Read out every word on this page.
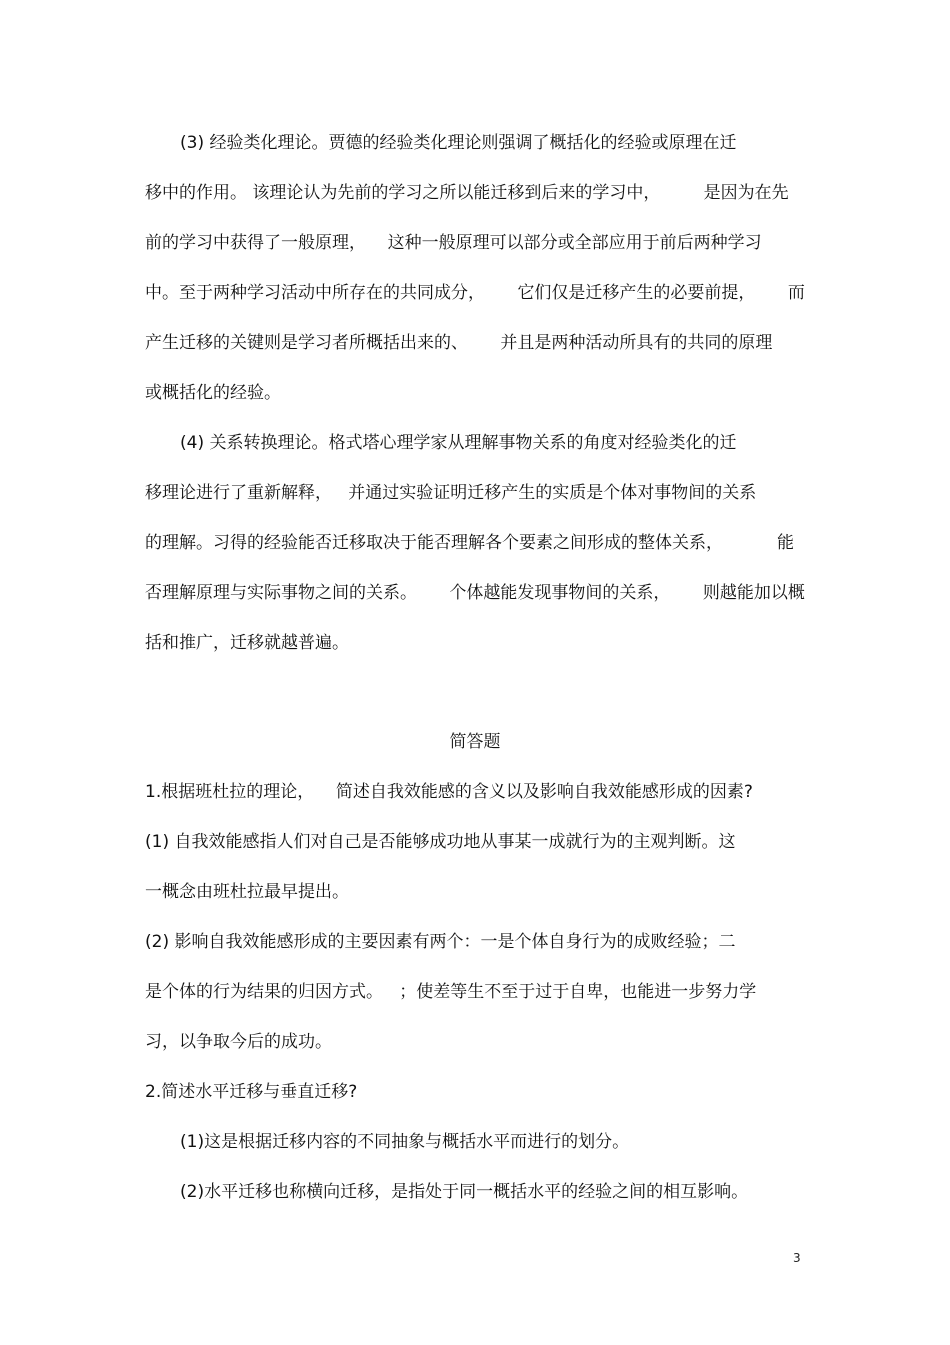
(3) 经验类化理论。贾德的经验类化理论则强调了概括化的经验或原理在迁
移中的作用。 该理论认为先前的学习之所以能迁移到后来的学习中，        是因为在先
前的学习中获得了一般原理，    这种一般原理可以部分或全部应用于前后两种学习
中。至于两种学习活动中所存在的共同成分，      它们仅是迁移产生的必要前提，      而
产生迁移的关键则是学习者所概括出来的、      并且是两种活动所具有的共同的原理
或概括化的经验。
(4) 关系转换理论。格式塔心理学家从理解事物关系的角度对经验类化的迁
移理论进行了重新解释，   并通过实验证明迁移产生的实质是个体对事物间的关系
的理解。习得的经验能否迁移取决于能否理解各个要素之间形成的整体关系，          能
否理解原理与实际事物之间的关系。      个体越能发现事物间的关系，      则越能加以概
括和推广，迁移就越普遍。
简答题
1.根据班杜拉的理论，    简述自我效能感的含义以及影响自我效能感形成的因素?
(1) 自我效能感指人们对自己是否能够成功地从事某一成就行为的主观判断。这
一概念由班杜拉最早提出。
(2) 影响自我效能感形成的主要因素有两个：一是个体自身行为的成败经验；二
是个体的行为结果的归因方式。   ；使差等生不至于过于自卑，也能进一步努力学
习，以争取今后的成功。
2.简述水平迁移与垂直迁移?
(1)这是根据迁移内容的不同抽象与概括水平而进行的划分。
(2)水平迁移也称横向迁移，是指处于同一概括水平的经验之间的相互影响。
3
